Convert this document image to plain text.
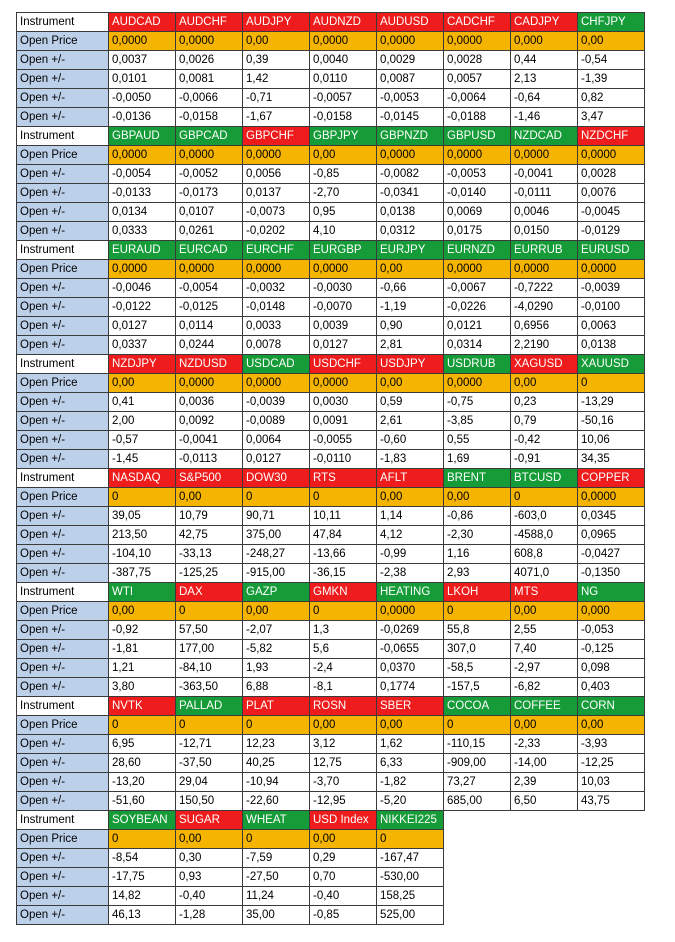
Instrument	AUDCAD	AUDCHF	AUDJPY	AUDNZD	AUDUSD	CADCHF	CADJPY	CHFJPY
Open Price	0,0000	0,0000	0,00	0,0000	0,0000	0,0000	0,000	0,00
Open +/-	0,0037	0,0026	0,39	0,0040	0,0029	0,0028	0,44	-0,54
Open +/-	0,0101	0,0081	1,42	0,0110	0,0087	0,0057	2,13	-1,39
Open +/-	-0,0050	-0,0066	-0,71	-0,0057	-0,0053	-0,0064	-0,64	0,82
Open +/-	-0,0136	-0,0158	-1,67	-0,0158	-0,0145	-0,0188	-1,46	3,47
Instrument	GBPAUD	GBPCAD	GBPCHF	GBPJPY	GBPNZD	GBPUSD	NZDCAD	NZDCHF
Open Price	0,0000	0,0000	0,0000	0,00	0,0000	0,0000	0,0000	0,0000
Open +/-	-0,0054	-0,0052	0,0056	-0,85	-0,0082	-0,0053	-0,0041	0,0028
Open +/-	-0,0133	-0,0173	0,0137	-2,70	-0,0341	-0,0140	-0,0111	0,0076
Open +/-	0,0134	0,0107	-0,0073	0,95	0,0138	0,0069	0,0046	-0,0045
Open +/-	0,0333	0,0261	-0,0202	4,10	0,0312	0,0175	0,0150	-0,0129
Instrument	EURAUD	EURCAD	EURCHF	EURGBP	EURJPY	EURNZD	EURRUB	EURUSD
Open Price	0,0000	0,0000	0,0000	0,0000	0,00	0,0000	0,0000	0,0000
Open +/-	-0,0046	-0,0054	-0,0032	-0,0030	-0,66	-0,0067	-0,7222	-0,0039
Open +/-	-0,0122	-0,0125	-0,0148	-0,0070	-1,19	-0,0226	-4,0290	-0,0100
Open +/-	0,0127	0,0114	0,0033	0,0039	0,90	0,0121	0,6956	0,0063
Open +/-	0,0337	0,0244	0,0078	0,0127	2,81	0,0314	2,2190	0,0138
Instrument	NZDJPY	NZDUSD	USDCAD	USDCHF	USDJPY	USDRUB	XAGUSD	XAUUSD
Open Price	0,00	0,0000	0,0000	0,0000	0,00	0,0000	0,00	0
Open +/-	0,41	0,0036	-0,0039	0,0030	0,59	-0,75	0,23	-13,29
Open +/-	2,00	0,0092	-0,0089	0,0091	2,61	-3,85	0,79	-50,16
Open +/-	-0,57	-0,0041	0,0064	-0,0055	-0,60	0,55	-0,42	10,06
Open +/-	-1,45	-0,0113	0,0127	-0,0110	-1,83	1,69	-0,91	34,35
Instrument	NASDAQ	S&P500	DOW30	RTS	AFLT	BRENT	BTCUSD	COPPER
Open Price	0	0,00	0	0	0,00	0,00	0	0,0000
Open +/-	39,05	10,79	90,71	10,11	1,14	-0,86	-603,0	0,0345
Open +/-	213,50	42,75	375,00	47,84	4,12	-2,30	-4588,0	0,0965
Open +/-	-104,10	-33,13	-248,27	-13,66	-0,99	1,16	608,8	-0,0427
Open +/-	-387,75	-125,25	-915,00	-36,15	-2,38	2,93	4071,0	-0,1350
Instrument	WTI	DAX	GAZP	GMKN	HEATING	LKOH	MTS	NG
Open Price	0,00	0	0,00	0	0,0000	0	0,00	0,000
Open +/-	-0,92	57,50	-2,07	1,3	-0,0269	55,8	2,55	-0,053
Open +/-	-1,81	177,00	-5,82	5,6	-0,0655	307,0	7,40	-0,125
Open +/-	1,21	-84,10	1,93	-2,4	0,0370	-58,5	-2,97	0,098
Open +/-	3,80	-363,50	6,88	-8,1	0,1774	-157,5	-6,82	0,403
Instrument	NVTK	PALLAD	PLAT	ROSN	SBER	COCOA	COFFEE	CORN
Open Price	0	0	0	0,00	0,00	0	0,00	0,00
Open +/-	6,95	-12,71	12,23	3,12	1,62	-110,15	-2,33	-3,93
Open +/-	28,60	-37,50	40,25	12,75	6,33	-909,00	-14,00	-12,25
Open +/-	-13,20	29,04	-10,94	-3,70	-1,82	73,27	2,39	10,03
Open +/-	-51,60	150,50	-22,60	-12,95	-5,20	685,00	6,50	43,75
Instrument	SOYBEAN	SUGAR	WHEAT	USD Index	NIKKEI225			
Open Price	0	0,00	0	0,00	0			
Open +/-	-8,54	0,30	-7,59	0,29	-167,47			
Open +/-	-17,75	0,93	-27,50	0,70	-530,00			
Open +/-	14,82	-0,40	11,24	-0,40	158,25			
Open +/-	46,13	-1,28	35,00	-0,85	525,00			
